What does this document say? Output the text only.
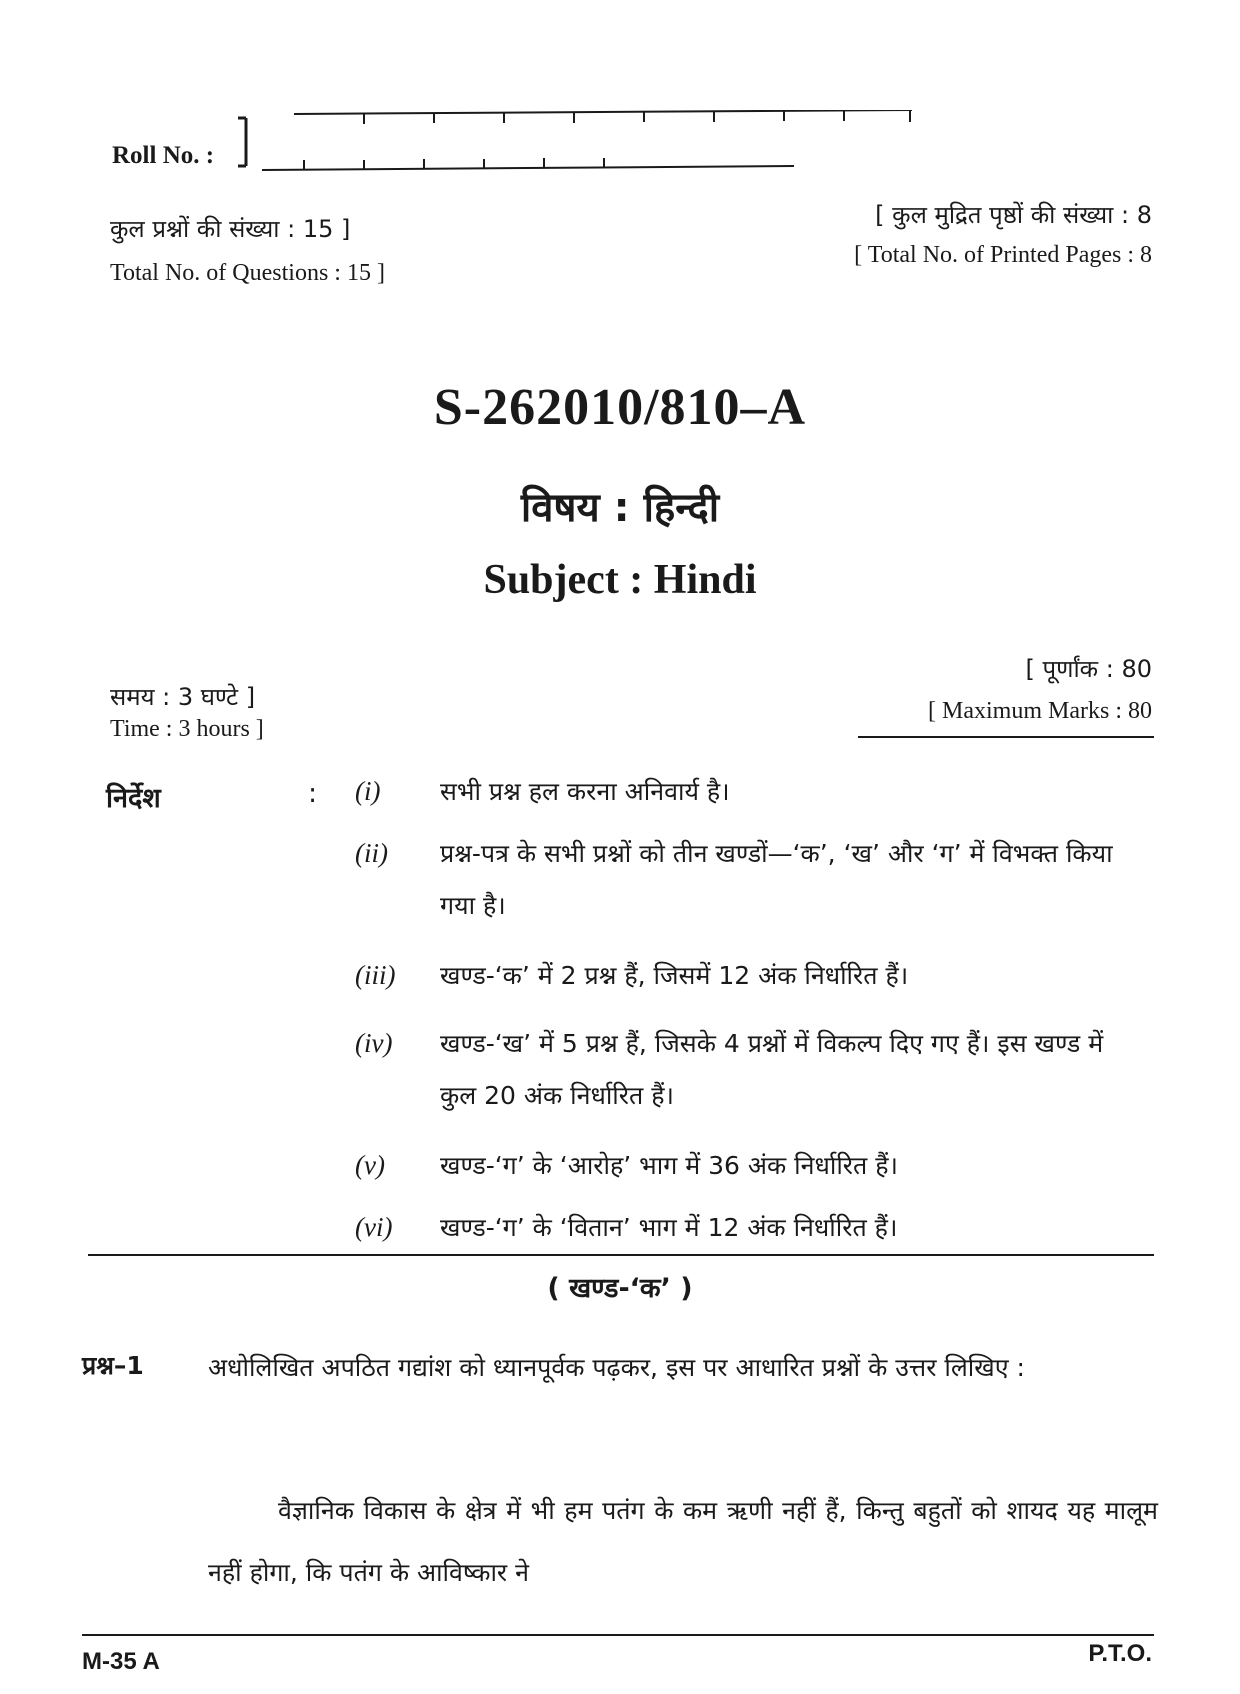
Roll No. :
कुल प्रश्नों की संख्या : 15 ]
Total No. of Questions : 15 ]
[ कुल मुद्रित पृष्ठों की संख्या : 8
[ Total No. of Printed Pages : 8
S-262010/810–A
विषय : हिन्दी
Subject : Hindi
समय : 3 घण्टे ]
Time : 3 hours ]
[ पूर्णांक : 80
[ Maximum Marks : 80
निर्देश	: (i)	सभी प्रश्न हल करना अनिवार्य है।
(ii)	प्रश्न-पत्र के सभी प्रश्नों को तीन खण्डों—‘क’, ‘ख’ और ‘ग’ में विभक्त किया गया है।
(iii)	खण्ड-‘क’ में 2 प्रश्न हैं, जिसमें 12 अंक निर्धारित हैं।
(iv)	खण्ड-‘ख’ में 5 प्रश्न हैं, जिसके 4 प्रश्नों में विकल्प दिए गए हैं। इस खण्ड में कुल 20 अंक निर्धारित हैं।
(v)	खण्ड-‘ग’ के ‘आरोह’ भाग में 36 अंक निर्धारित हैं।
(vi)	खण्ड-‘ग’ के ‘वितान’ भाग में 12 अंक निर्धारित हैं।
( खण्ड-‘क’ )
प्रश्न–1	अधोलिखित अपठित गद्यांश को ध्यानपूर्वक पढ़कर, इस पर आधारित प्रश्नों के उत्तर लिखिए :
वैज्ञानिक विकास के क्षेत्र में भी हम पतंग के कम ऋणी नहीं हैं, किन्तु बहुतों को शायद यह मालूम नहीं होगा, कि पतंग के आविष्कार ने
M-35 A	P.T.O.
